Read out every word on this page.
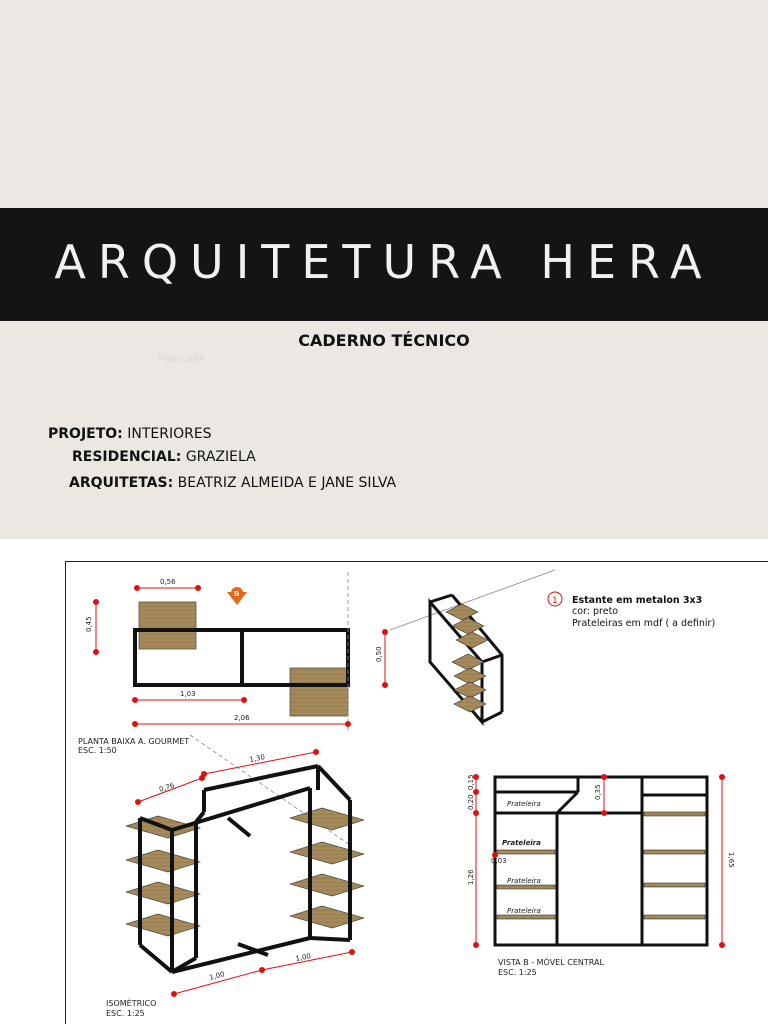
ARQUITETURA HERA
CADERNO TÉCNICO
Plale CAPA
PROJETO: INTERIORES
RESIDENCIAL: GRAZIELA
ARQUITETAS: BEATRIZ ALMEIDA E JANE SILVA
0,56
0,45
1,03
2,06
0,50
B
PLANTA BAIXA A. GOURMET
ESC. 1:50
1 Estante em metalon 3x3
cor: preto
Prateleiras em mdf ( a definir)
0,76
1,30
1,00
1,00
ISOMÉTRICO
ESC. 1:25
Prateleira
Prateleira
Prateleira
Prateleira
0,20
0,15
0,35
1,26
0,03	1,65
VISTA B - MÓVEL CENTRAL
ESC. 1:25
